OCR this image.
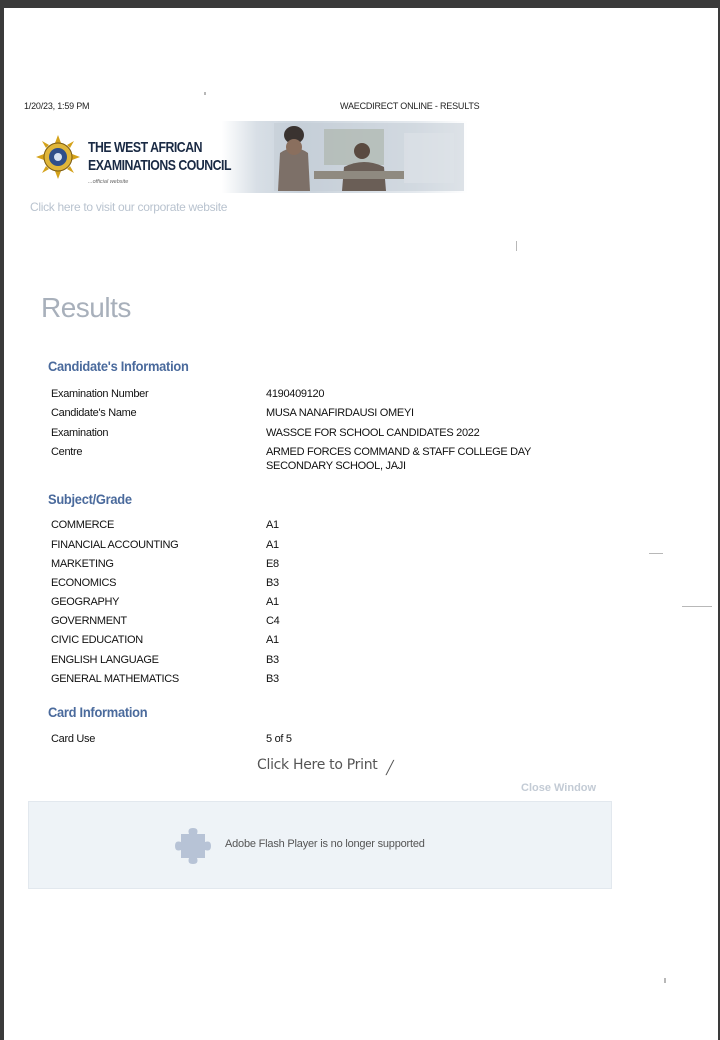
1/20/23, 1:59 PM	WAECDIRECT ONLINE - RESULTS
THE WEST AFRICAN
EXAMINATIONS COUNCIL
...official website
Click here to visit our corporate website
Results
Candidate's Information
Examination Number	4190409120
Candidate's Name	MUSA NANAFIRDAUSI OMEYI
Examination	WASSCE FOR SCHOOL CANDIDATES 2022
Centre	ARMED FORCES COMMAND & STAFF COLLEGE DAY
SECONDARY SCHOOL, JAJI
Subject/Grade
COMMERCE	A1
FINANCIAL ACCOUNTING	A1
MARKETING	E8
ECONOMICS	B3
GEOGRAPHY	A1
GOVERNMENT	C4
CIVIC EDUCATION	A1
ENGLISH LANGUAGE	B3
GENERAL MATHEMATICS	B3
Card Information
Card Use	5 of 5
Click Here to Print ╱
Close Window
Adobe Flash Player is no longer supported
